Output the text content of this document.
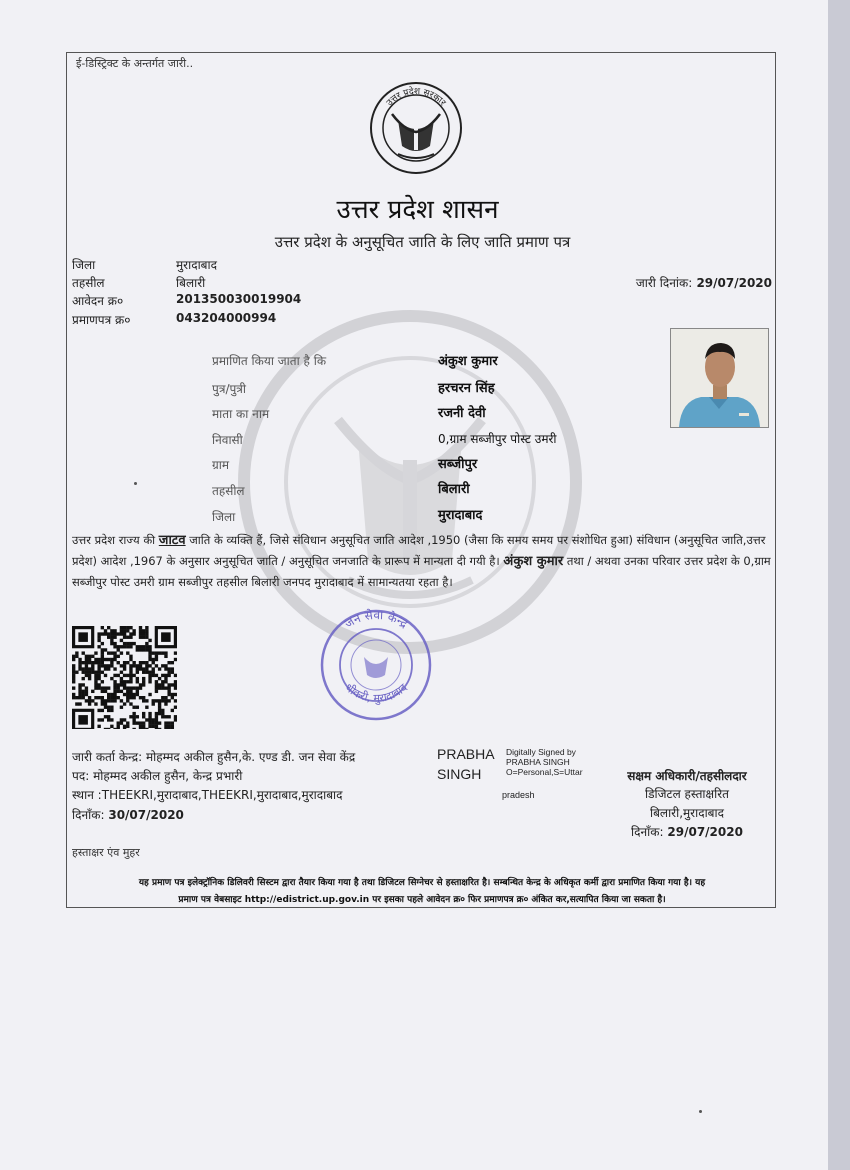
ई-डिस्ट्रिक्ट के अन्तर्गत जारी..
उत्तर प्रदेश सरकार
उत्तर प्रदेश शासन
उत्तर प्रदेश के अनुसूचित जाति के लिए जाति प्रमाण पत्र
जिला	मुरादाबाद
तहसील	बिलारी
आवेदन क्र०	201350030019904
प्रमाणपत्र क्र०	043204000994
जारी दिनांक: 29/07/2020
प्रमाणित किया जाता है कि	अंकुश कुमार
पुत्र/पुत्री	हरचरन सिंह
माता का नाम	रजनी देवी
निवासी	0,ग्राम सब्जीपुर पोस्ट उमरी
ग्राम	सब्जीपुर
तहसील	बिलारी
जिला	मुरादाबाद
उत्तर प्रदेश राज्य की जाटव जाति के व्यक्ति हैं, जिसे संविधान अनुसूचित जाति आदेश ,1950 (जैसा कि समय समय पर संशोधित हुआ) संविधान (अनुसूचित जाति,उत्तर प्रदेश) आदेश ,1967 के अनुसार अनुसूचित जाति / अनुसूचित जनजाति के प्रारूप में मान्यता दी गयी है। अंकुश कुमार तथा / अथवा उनका परिवार उत्तर प्रदेश के 0,ग्राम सब्जीपुर पोस्ट उमरी ग्राम सब्जीपुर तहसील बिलारी जनपद मुरादाबाद में सामान्यतया रहता है।
जन सेवा केन्द्र
थीकरी, मुरादाबाद
जारी कर्ता केन्द्र: मोहम्मद अकील हुसैन,के. एण्ड डी. जन सेवा केंद्र
पद: मोहम्मद अकील हुसैन, केन्द्र प्रभारी
स्थान :THEEKRI,मुरादाबाद,THEEKRI,मुरादाबाद,मुरादाबाद
दिनाँक: 30/07/2020
PRABHA
SINGH
Digitally Signed by
PRABHA SINGH
O=Personal,S=Uttar
pradesh
सक्षम अधिकारी/तहसीलदार
डिजिटल हस्ताक्षरित
बिलारी,मुरादाबाद
दिनाँक: 29/07/2020
हस्ताक्षर एंव मुहर
यह प्रमाण पत्र इलेक्ट्रॉनिक डिलिवरी सिस्टम द्वारा तैयार किया गया है तथा डिजिटल सिग्नेचर से हस्ताक्षरित है। सम्बन्धित केन्द्र के अधिकृत कर्मी द्वारा प्रमाणित किया गया है। यह
प्रमाण पत्र वेबसाइट http://edistrict.up.gov.in पर इसका पहले आवेदन क्र० फिर प्रमाणपत्र क्र० अंकित कर,सत्यापित किया जा सकता है।
